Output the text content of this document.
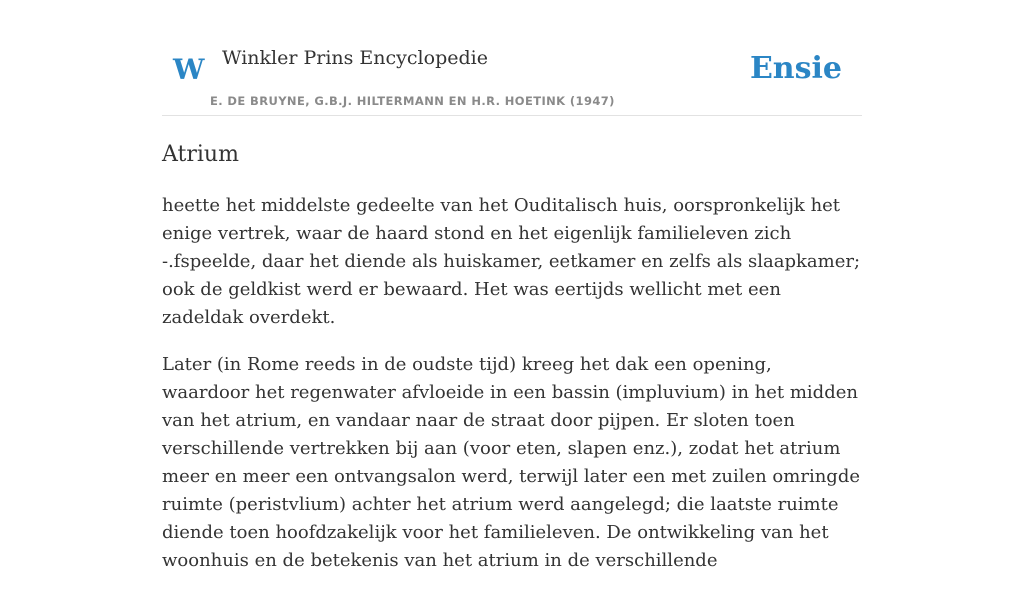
W Winkler Prins Encyclopedie
E. DE BRUYNE, G.B.J. HILTERMANN EN H.R. HOETINK (1947)
Ensie
Atrium

heette het middelste gedeelte van het Ouditalisch huis, oorspronkelijk het enige vertrek, waar de haard stond en het eigenlijk familieleven zich -.fspeelde, daar het diende als huiskamer, eetkamer en zelfs als slaapkamer; ook de geldkist werd er bewaard. Het was eertijds wellicht met een zadeldak overdekt.

Later (in Rome reeds in de oudste tijd) kreeg het dak een opening, waardoor het regenwater afvloeide in een bassin (impluvium) in het midden van het atrium, en vandaar naar de straat door pijpen. Er sloten toen verschillende vertrekken bij aan (voor eten, slapen enz.), zodat het atrium meer en meer een ontvangsalon werd, terwijl later een met zuilen omringde ruimte (peristvlium) achter het atrium werd aangelegd; die laatste ruimte diende toen hoofdzakelijk voor het familieleven. De ontwikkeling van het woonhuis en de betekenis van het atrium in de verschillende
